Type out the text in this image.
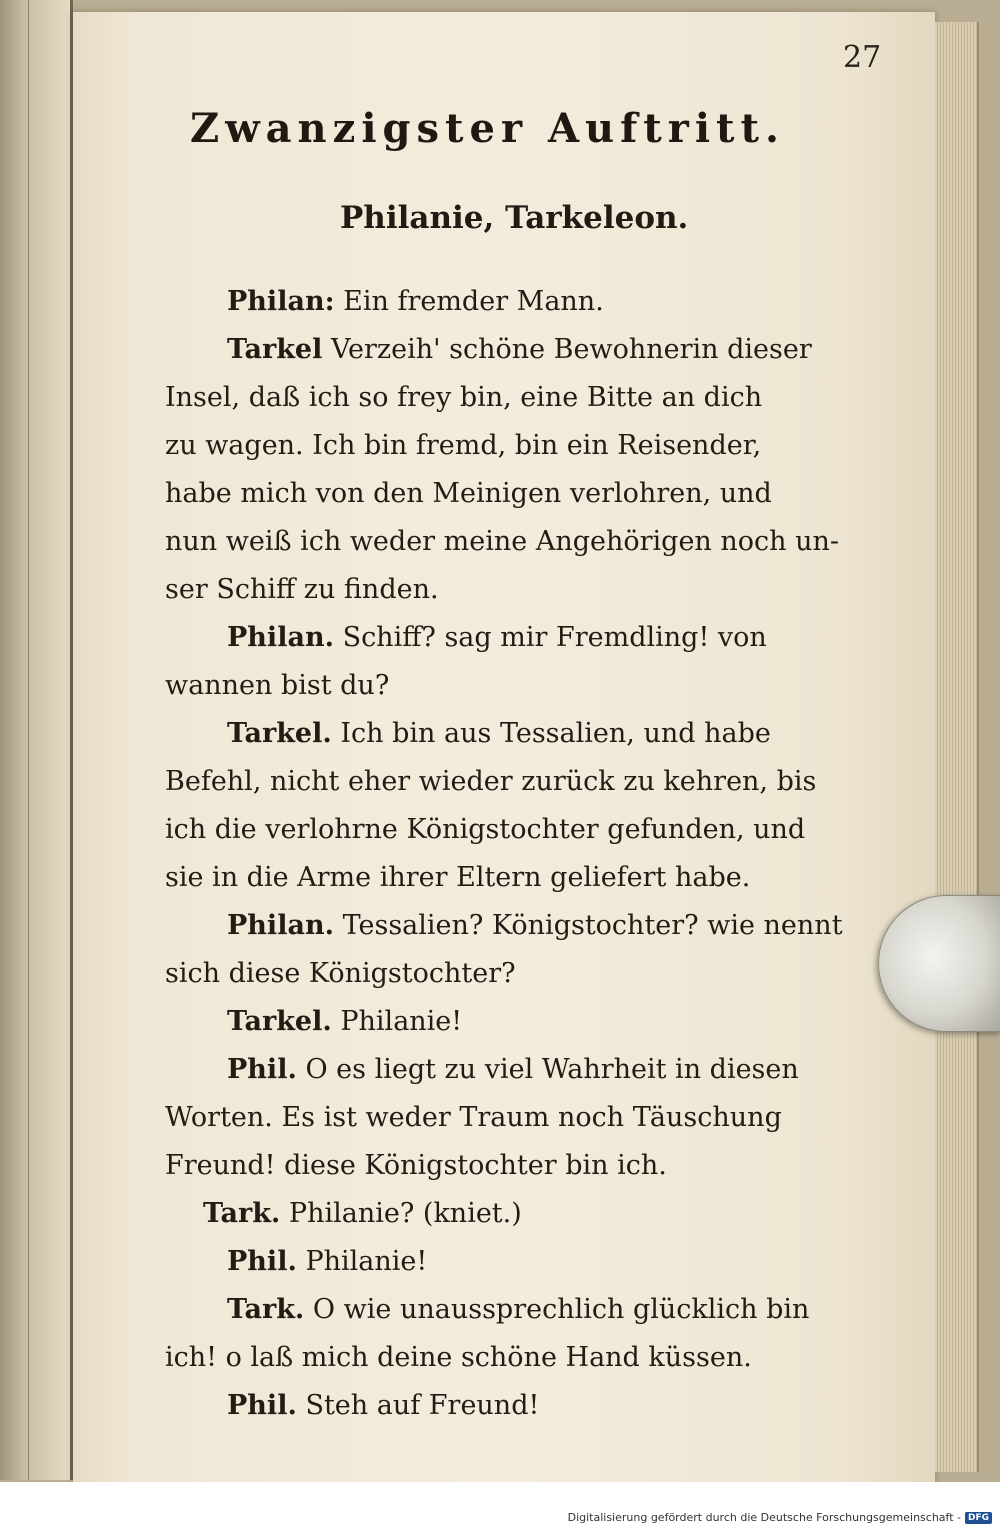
27
Zwanzigster Auftritt.
Philanie, Tarkeleon.

Philan: Ein fremder Mann.

Tarkel Verzeih' schöne Bewohnerin dieser

Insel, daß ich so frey bin, eine Bitte an dich

zu wagen. Ich bin fremd, bin ein Reisender,

habe mich von den Meinigen verlohren, und

nun weiß ich weder meine Angehörigen noch un-

ser Schiff zu finden.

Philan. Schiff? sag mir Fremdling! von

wannen bist du?

Tarkel. Ich bin aus Tessalien, und habe

Befehl, nicht eher wieder zurück zu kehren, bis

ich die verlohrne Königstochter gefunden, und

sie in die Arme ihrer Eltern geliefert habe.

Philan. Tessalien? Königstochter? wie nennt

sich diese Königstochter?

Tarkel. Philanie!

Phil. O es liegt zu viel Wahrheit in diesen

Worten. Es ist weder Traum noch Täuschung

Freund! diese Königstochter bin ich.

Tark. Philanie? (kniet.)

Phil. Philanie!

Tark. O wie unaussprechlich glücklich bin

ich! o laß mich deine schöne Hand küssen.

Phil. Steh auf Freund!

Digitalisierung gefördert durch die Deutsche Forschungsgemeinschaft - DFG
